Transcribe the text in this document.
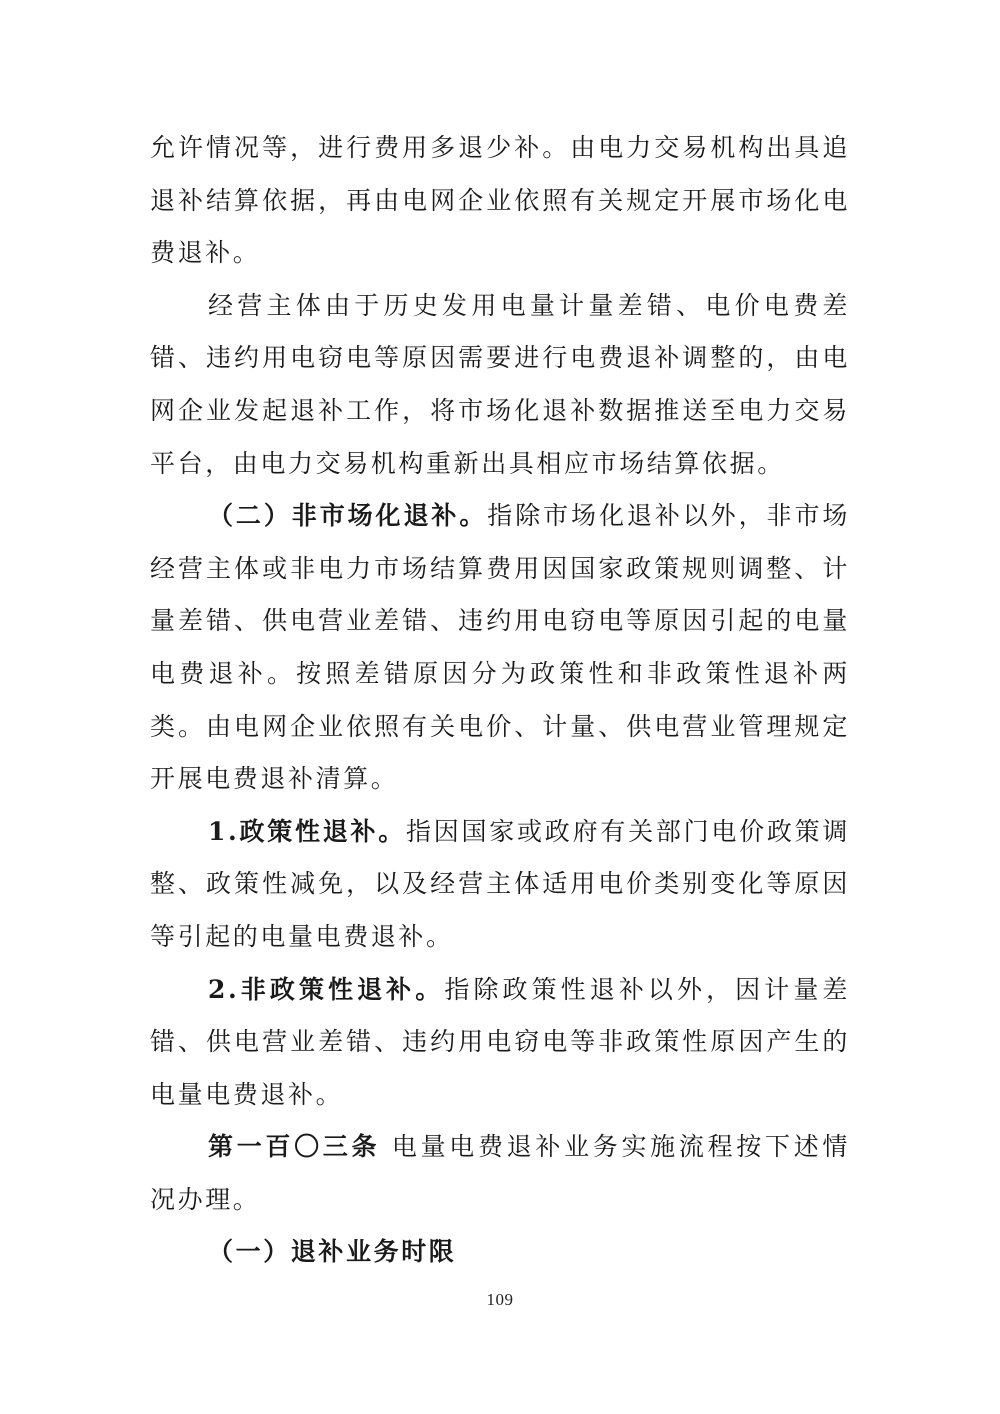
允许情况等，进行费用多退少补。由电力交易机构出具追退补结算依据，再由电网企业依照有关规定开展市场化电费退补。

经营主体由于历史发用电量计量差错、电价电费差错、违约用电窃电等原因需要进行电费退补调整的，由电网企业发起退补工作，将市场化退补数据推送至电力交易平台，由电力交易机构重新出具相应市场结算依据。

（二）非市场化退补。指除市场化退补以外，非市场经营主体或非电力市场结算费用因国家政策规则调整、计量差错、供电营业差错、违约用电窃电等原因引起的电量电费退补。按照差错原因分为政策性和非政策性退补两类。由电网企业依照有关电价、计量、供电营业管理规定开展电费退补清算。

1.政策性退补。指因国家或政府有关部门电价政策调整、政策性减免，以及经营主体适用电价类别变化等原因等引起的电量电费退补。

2.非政策性退补。指除政策性退补以外，因计量差错、供电营业差错、违约用电窃电等非政策性原因产生的电量电费退补。

第一百〇三条 电量电费退补业务实施流程按下述情况办理。

（一）退补业务时限

109
